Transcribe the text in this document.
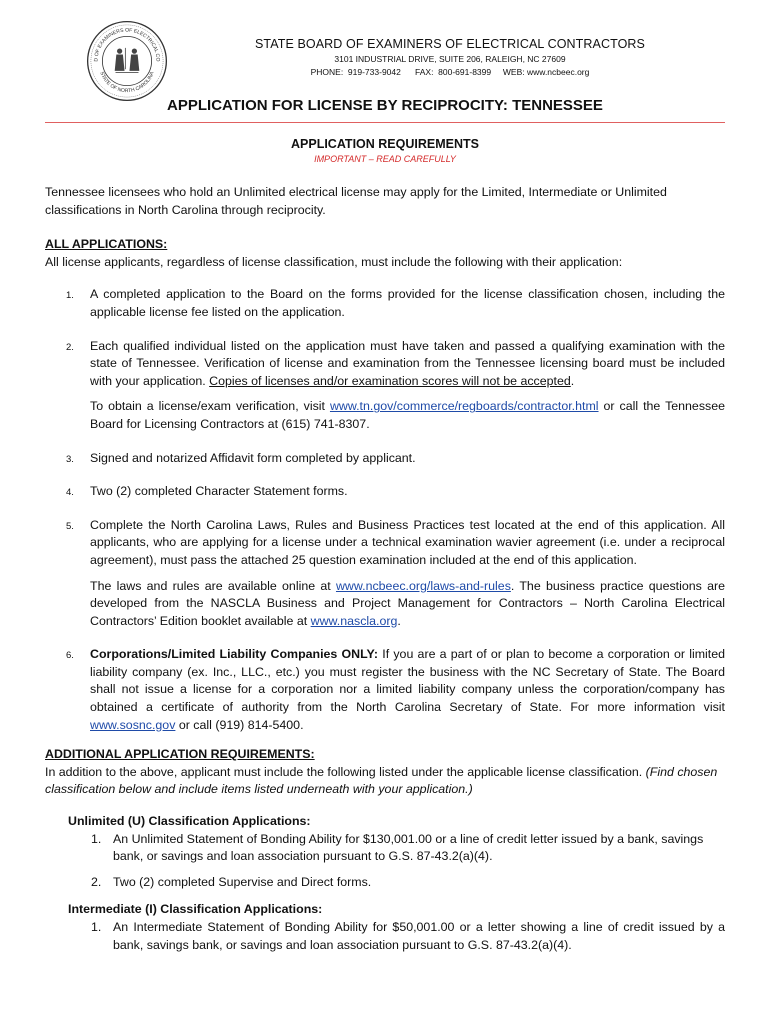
D OF EXAMINERS OF ELECTRICAL CO
STATE OF NORTH CAROLINA
STATE BOARD OF EXAMINERS OF ELECTRICAL CONTRACTORS
3101 INDUSTRIAL DRIVE, SUITE 206, RALEIGH, NC 27609
PHONE:  919-733-9042      FAX:  800-691-8399     WEB: www.ncbeec.org
APPLICATION FOR LICENSE BY RECIPROCITY: TENNESSEE
APPLICATION REQUIREMENTS
IMPORTANT – READ CAREFULLY

Tennessee licensees who hold an Unlimited electrical license may apply for the Limited, Intermediate or Unlimited classifications in North Carolina through reciprocity.

ALL APPLICATIONS:
All license applicants, regardless of license classification, must include the following with their application:
1. A completed application to the Board on the forms provided for the license classification chosen, including the applicable license fee listed on the application.

2. Each qualified individual listed on the application must have taken and passed a qualifying examination with the state of Tennessee. Verification of license and examination from the Tennessee licensing board must be included with your application. Copies of licenses and/or examination scores will not be accepted.

To obtain a license/exam verification, visit www.tn.gov/commerce/regboards/contractor.html or call the Tennessee Board for Licensing Contractors at (615) 741-8307.

3. Signed and notarized Affidavit form completed by applicant.

4. Two (2) completed Character Statement forms.

5. Complete the North Carolina Laws, Rules and Business Practices test located at the end of this application. All applicants, who are applying for a license under a technical examination wavier agreement (i.e. under a reciprocal agreement), must pass the attached 25 question examination included at the end of this application.

The laws and rules are available online at www.ncbeec.org/laws-and-rules. The business practice questions are developed from the NASCLA Business and Project Management for Contractors – North Carolina Electrical Contractors’ Edition booklet available at www.nascla.org.

6. Corporations/Limited Liability Companies ONLY: If you are a part of or plan to become a corporation or limited liability company (ex. Inc., LLC., etc.) you must register the business with the NC Secretary of State. The Board shall not issue a license for a corporation nor a limited liability company unless the corporation/company has obtained a certificate of authority from the North Carolina Secretary of State. For more information visit www.sosnc.gov or call (919) 814-5400.

ADDITIONAL APPLICATION REQUIREMENTS:

In addition to the above, applicant must include the following listed under the applicable license classification. (Find chosen classification below and include items listed underneath with your application.)

Unlimited (U) Classification Applications:
1. An Unlimited Statement of Bonding Ability for $130,001.00 or a line of credit letter issued by a bank, savings bank, or savings and loan association pursuant to G.S. 87-43.2(a)(4).

2. Two (2) completed Supervise and Direct forms.

Intermediate (I) Classification Applications:
1. An Intermediate Statement of Bonding Ability for $50,001.00 or a letter showing a line of credit issued by a bank, savings bank, or savings and loan association pursuant to G.S. 87-43.2(a)(4).
